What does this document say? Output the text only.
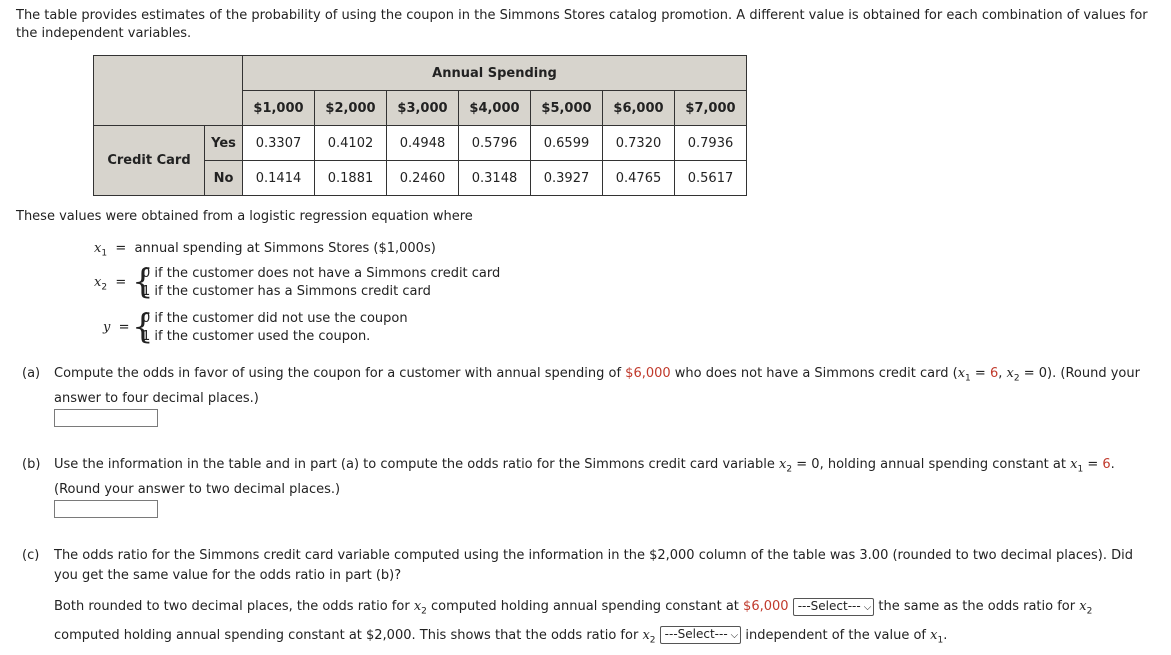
The table provides estimates of the probability of using the coupon in the Simmons Stores catalog promotion. A different value is obtained for each combination of values for the independent variables.
		Annual Spending						
		$1,000	$2,000	$3,000	$4,000	$5,000	$6,000	$7,000
Credit Card	Yes	0.3307	0.4102	0.4948	0.5796	0.6599	0.7320	0.7936
	No	0.1414	0.1881	0.2460	0.3148	0.3927	0.4765	0.5617
These values were obtained from a logistic regression equation where
$x_1$  =  annual spending at Simmons Stores ($1,000s)
$x_2$  = {
0 if the customer does not have a Simmons credit card
1 if the customer has a Simmons credit card
y  = {
0 if the customer did not use the coupon
1 if the customer used the coupon.
(a) Compute the odds in favor of using the coupon for a customer with annual spending of $6,000 who does not have a Simmons credit card ($x_1 = 6$, $x_2 = 0$). (Round your answer to four decimal places.)
(b) Use the information in the table and in part (a) to compute the odds ratio for the Simmons credit card variable $x_2 = 0$, holding annual spending constant at $x_1 = 6$. (Round your answer to two decimal places.)
(c) The odds ratio for the Simmons credit card variable computed using the information in the $2,000 column of the table was 3.00 (rounded to two decimal places). Did you get the same value for the odds ratio in part (b)?
Both rounded to two decimal places, the odds ratio for $x_2$ computed holding annual spending constant at $6,000 ---Select--- ⌵ the same as the odds ratio for $x_2$
computed holding annual spending constant at $2,000. This shows that the odds ratio for $x_2$ ---Select--- ⌵ independent of the value of $x_1$.
